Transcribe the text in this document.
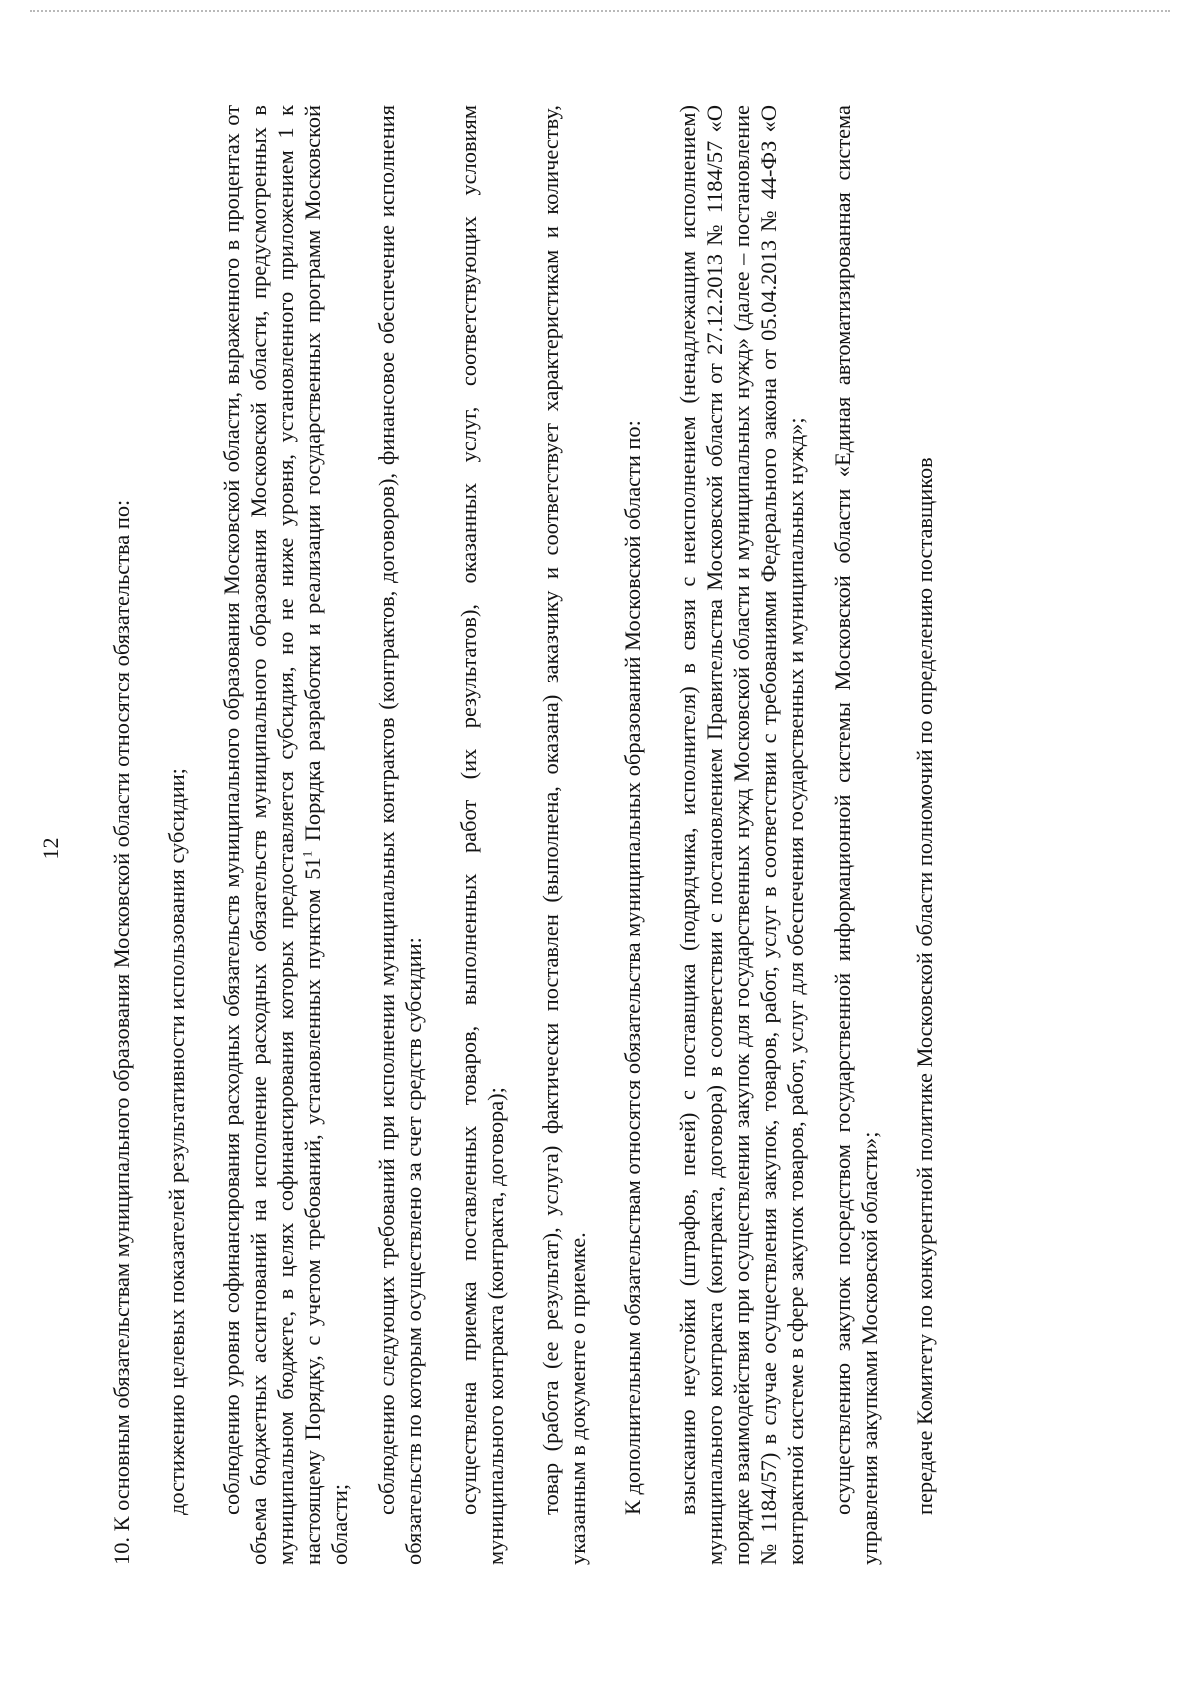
12 10. К основным обязательствам муниципального образования Московской области относятся обязательства по: достижению целевых показателей результативности использования субсидии; соблюдению уровня софинансирования расходных обязательств муниципального образования Московской области, выраженного в процентах от объема бюджетных ассигнований на исполнение расходных обязательств муниципального образования Московской области, предусмотренных в муниципальном бюджете, в целях софинансирования которых предоставляется субсидия, но не ниже уровня, установленного приложением 1 к настоящему Порядку, с учетом требований, установленных пунктом 51$^1$ Порядка разработки и реализации государственных программ Московской области;

соблюдению следующих требований при исполнении муниципальных контрактов (контрактов, договоров), финансовое обеспечение исполнения обязательств по которым осуществлено за счет средств субсидии: осуществлена приемка поставленных товаров, выполненных работ (их результатов), оказанных услуг, соответствующих условиям муниципального контракта (контракта, договора); товар (работа (ее результат), услуга) фактически поставлен (выполнена, оказана) заказчику и соответствует характеристикам и количеству, указанным в документе о приемке. К дополнительным обязательствам относятся обязательства муниципальных образований Московской области по: взысканию неустойки (штрафов, пеней) с поставщика (подрядчика, исполнителя) в связи с неисполнением (ненадлежащим исполнением) муниципального контракта (контракта, договора) в соответствии с постановлением Правительства Московской области от 27.12.2013 № 1184/57 «О порядке взаимодействия при осуществлении закупок для государственных нужд Московской области и муниципальных нужд» (далее – постановление № 1184/57) в случае осуществления закупок, товаров, работ, услуг в соответствии с требованиями Федерального закона от 05.04.2013 № 44-ФЗ «О контрактной системе в сфере закупок товаров, работ, услуг для обеспечения государственных и муниципальных нужд»; осуществлению закупок посредством государственной информационной системы Московской области «Единая автоматизированная система управления закупками Московской области»; передаче Комитету по конкурентной политике Московской области полномочий по определению поставщиков
